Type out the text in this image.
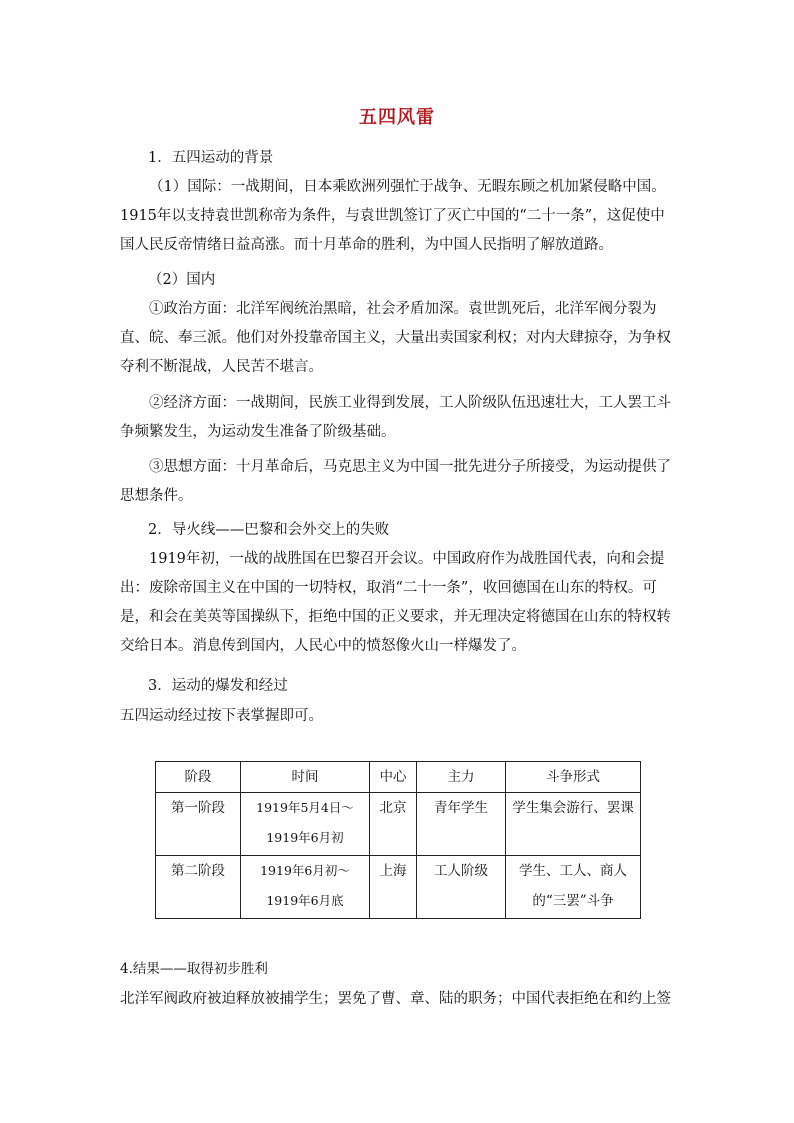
五四风雷

1．五四运动的背景

（1）国际：一战期间，日本乘欧洲列强忙于战争、无暇东顾之机加紧侵略中国。1915年以支持袁世凯称帝为条件，与袁世凯签订了灭亡中国的“二十一条”，这促使中国人民反帝情绪日益高涨。而十月革命的胜利，为中国人民指明了解放道路。

（2）国内

①政治方面：北洋军阀统治黑暗，社会矛盾加深。袁世凯死后，北洋军阀分裂为直、皖、奉三派。他们对外投靠帝国主义，大量出卖国家利权；对内大肆掠夺，为争权夺利不断混战，人民苦不堪言。

②经济方面：一战期间，民族工业得到发展，工人阶级队伍迅速壮大，工人罢工斗争频繁发生，为运动发生准备了阶级基础。

③思想方面：十月革命后，马克思主义为中国一批先进分子所接受，为运动提供了思想条件。

2．导火线——巴黎和会外交上的失败

1919年初，一战的战胜国在巴黎召开会议。中国政府作为战胜国代表，向和会提出：废除帝国主义在中国的一切特权，取消“二十一条”，收回德国在山东的特权。可是，和会在美英等国操纵下，拒绝中国的正义要求，并无理决定将德国在山东的特权转交给日本。消息传到国内，人民心中的愤怒像火山一样爆发了。

3．运动的爆发和经过

五四运动经过按下表掌握即可。

阶段	时间	中心	主力	斗争形式
第一阶段	1919年5月4日～1919年6月初	北京	青年学生	学生集会游行、罢课
第二阶段	1919年6月初～1919年6月底	上海	工人阶级	学生、工人、商人的“三罢”斗争

4.结果——取得初步胜利

北洋军阀政府被迫释放被捕学生；罢免了曹、章、陆的职务；中国代表拒绝在和约上签
